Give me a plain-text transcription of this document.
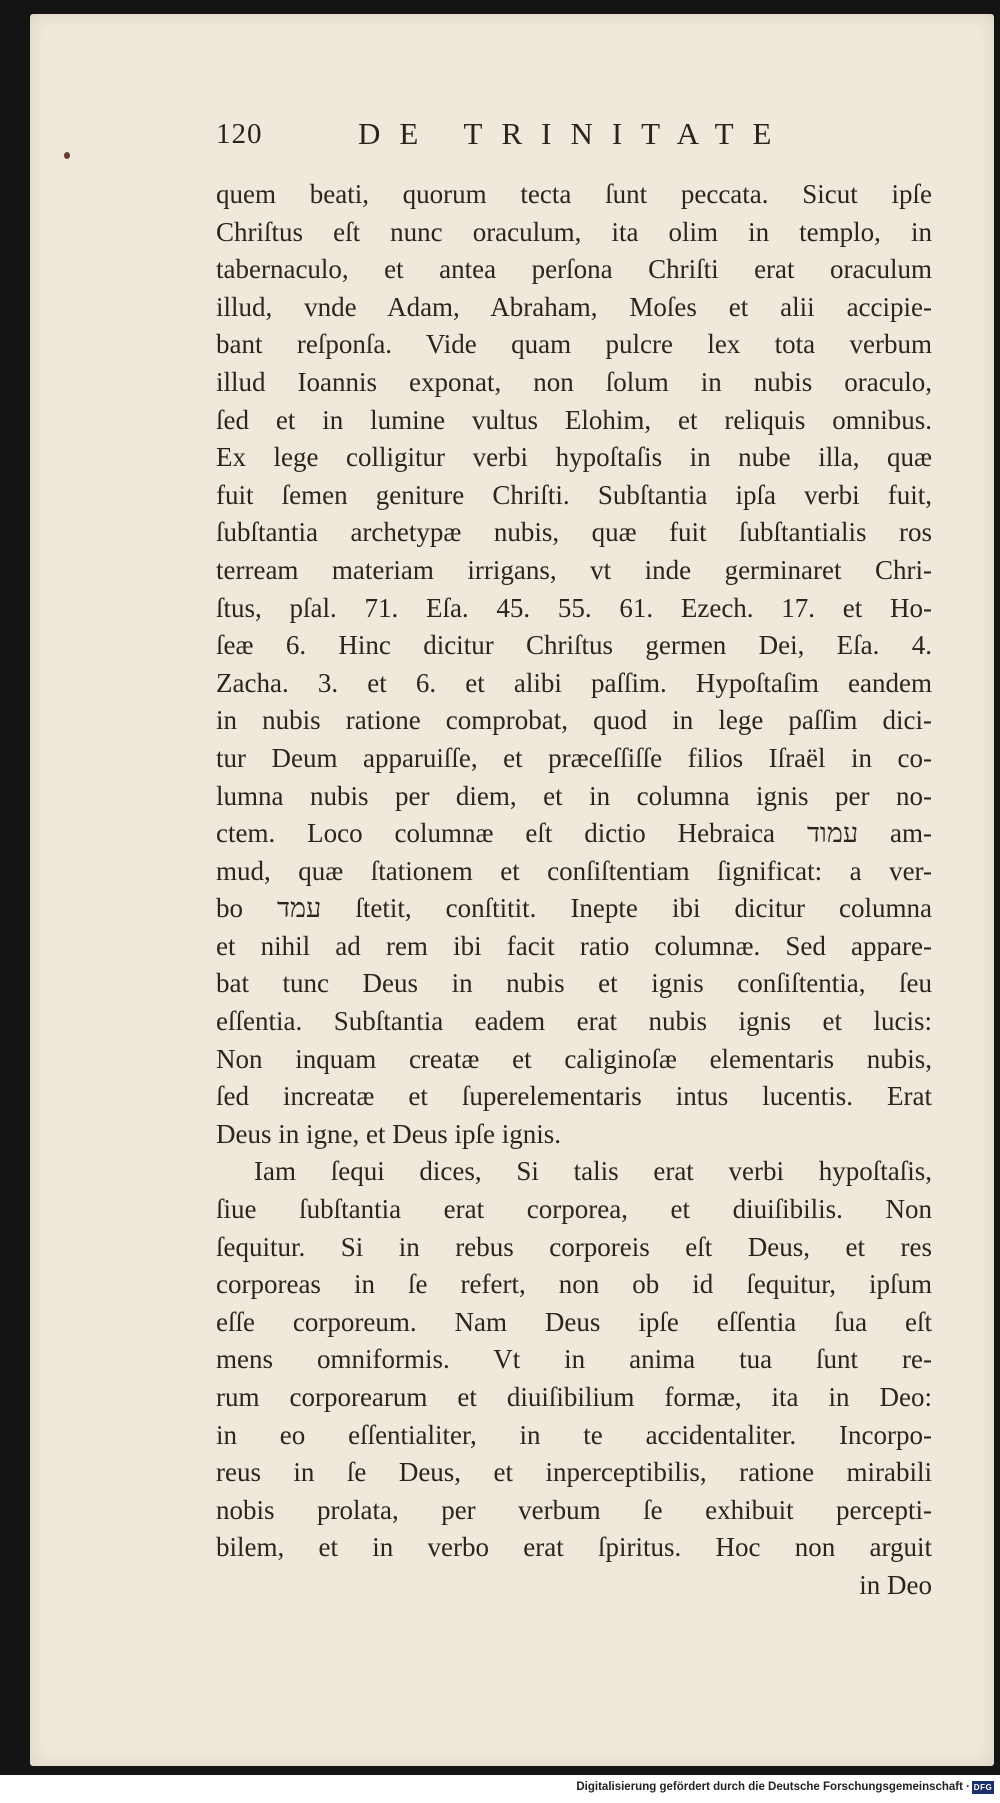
120	DE TRINITATE
quem beati, quorum tecta ſunt peccata. Sicut ipſe
Chriſtus eſt nunc oraculum, ita olim in templo, in
tabernaculo, et antea perſona Chriſti erat oraculum
illud, vnde Adam, Abraham, Moſes et alii accipie-
bant reſponſa. Vide quam pulcre lex tota verbum
illud Ioannis exponat, non ſolum in nubis oraculo,
ſed et in lumine vultus Elohim, et reliquis omnibus.
Ex lege colligitur verbi hypoſtaſis in nube illa, quæ
fuit ſemen geniture Chriſti. Subſtantia ipſa verbi fuit,
ſubſtantia archetypæ nubis, quæ fuit ſubſtantialis ros
terream materiam irrigans, vt inde germinaret Chri-
ſtus, pſal. 71. Eſa. 45. 55. 61. Ezech. 17. et Ho-
ſeæ 6. Hinc dicitur Chriſtus germen Dei, Eſa. 4.
Zacha. 3. et 6. et alibi paſſim. Hypoſtaſim eandem
in nubis ratione comprobat, quod in lege paſſim dici-
tur Deum apparuiſſe, et præceſſiſſe filios Iſraël in co-
lumna nubis per diem, et in columna ignis per no-
ctem. Loco columnæ eſt dictio Hebraica עמוד am-
mud, quæ ſtationem et conſiſtentiam ſignificat: a ver-
bo עמד ſtetit, conſtitit. Inepte ibi dicitur columna
et nihil ad rem ibi facit ratio columnæ. Sed appare-
bat tunc Deus in nubis et ignis conſiſtentia, ſeu
eſſentia. Subſtantia eadem erat nubis ignis et lucis:
Non inquam creatæ et caliginoſæ elementaris nubis,
ſed increatæ et ſuperelementaris intus lucentis. Erat
Deus in igne, et Deus ipſe ignis.
Iam ſequi dices, Si talis erat verbi hypoſtaſis,
ſiue ſubſtantia erat corporea, et diuiſibilis. Non
ſequitur. Si in rebus corporeis eſt Deus, et res
corporeas in ſe refert, non ob id ſequitur, ipſum
eſſe corporeum. Nam Deus ipſe eſſentia ſua eſt
mens omniformis. Vt in anima tua ſunt re-
rum corporearum et diuiſibilium formæ, ita in Deo:
in eo eſſentialiter, in te accidentaliter. Incorpo-
reus in ſe Deus, et inperceptibilis, ratione mirabili
nobis prolata, per verbum ſe exhibuit percepti-
bilem, et in verbo erat ſpiritus. Hoc non arguit
in Deo
Digitalisierung gefördert durch die Deutsche Forschungsgemeinschaft · DFG
